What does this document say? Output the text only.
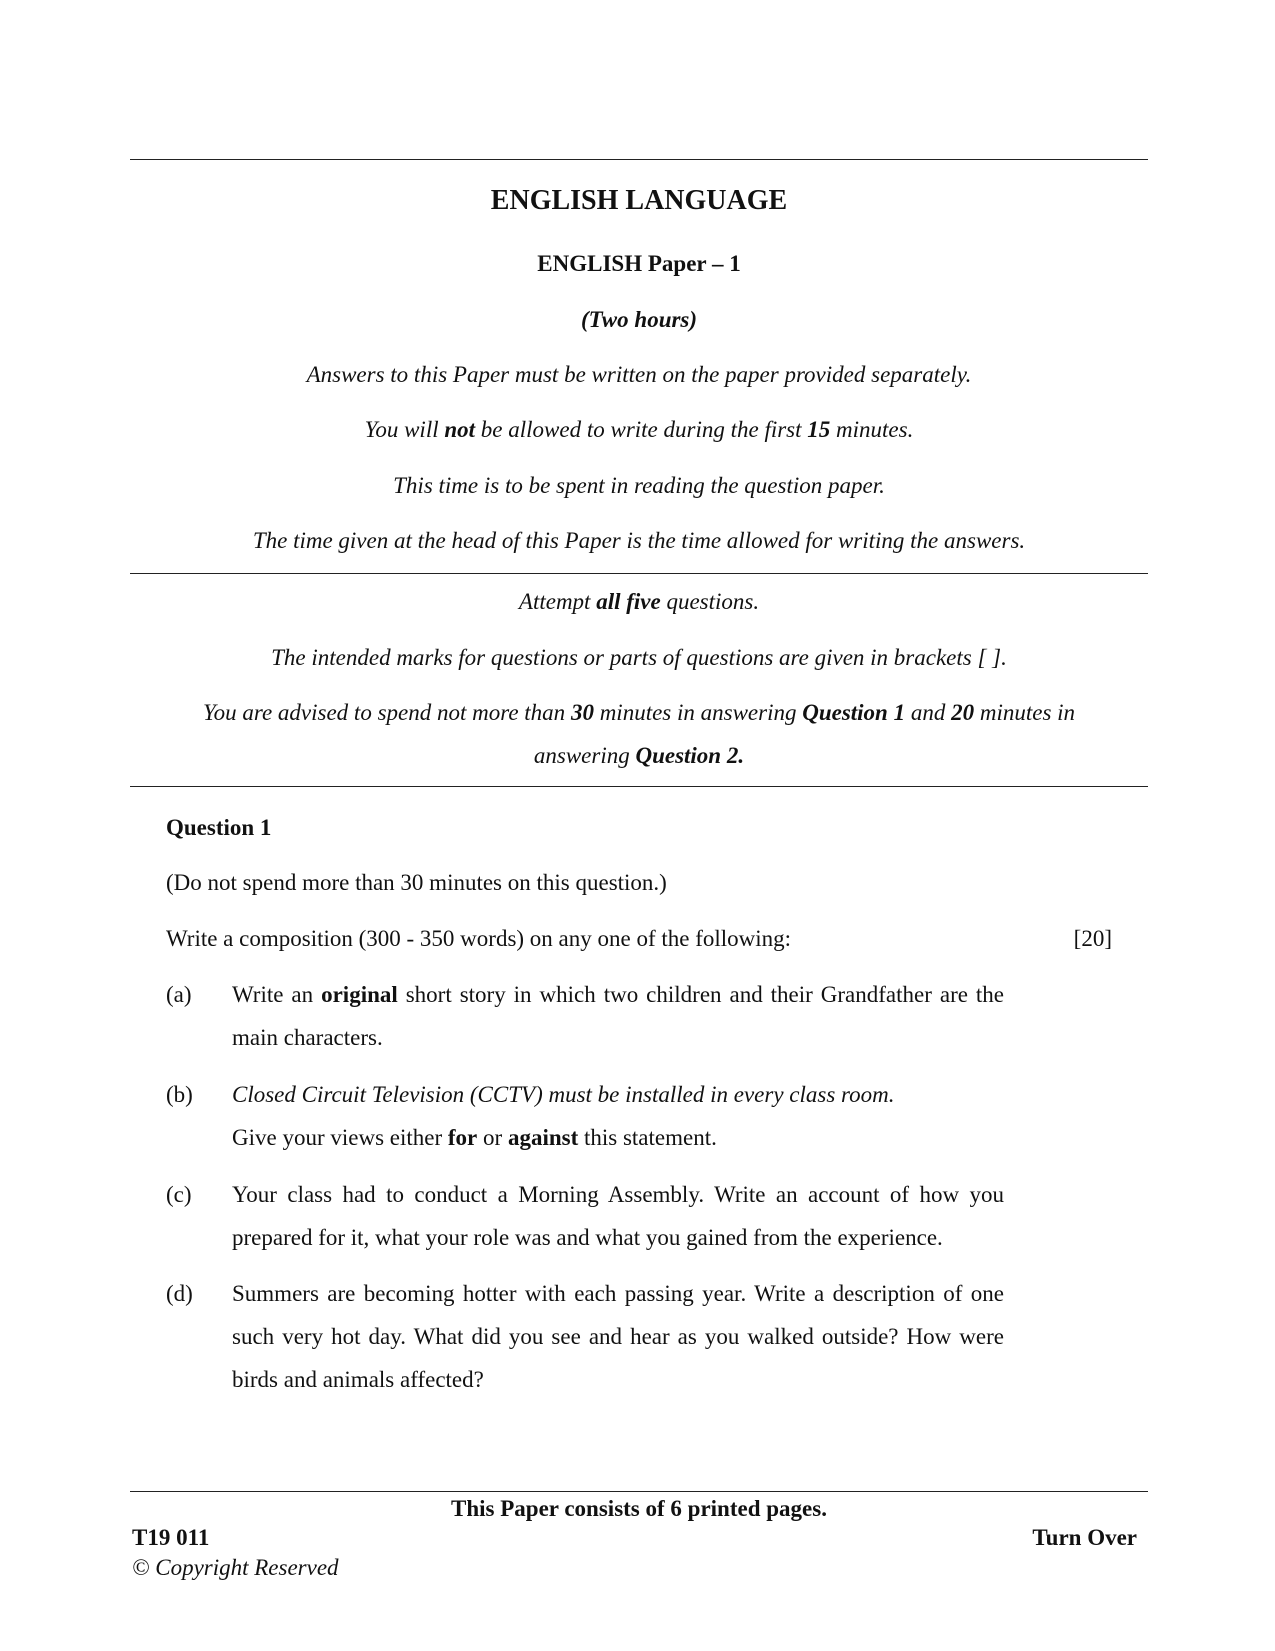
ENGLISH LANGUAGE
ENGLISH Paper – 1
(Two hours)
Answers to this Paper must be written on the paper provided separately.
You will not be allowed to write during the first 15 minutes.
This time is to be spent in reading the question paper.
The time given at the head of this Paper is the time allowed for writing the answers.
Attempt all five questions.
The intended marks for questions or parts of questions are given in brackets [ ].
You are advised to spend not more than 30 minutes in answering Question 1 and 20 minutes in
answering Question 2.
Question 1
(Do not spend more than 30 minutes on this question.)
Write a composition (300 - 350 words) on any one of the following:	[20]
(a)	Write an original short story in which two children and their Grandfather are the main characters.
(b)	Closed Circuit Television (CCTV) must be installed in every class room.
Give your views either for or against this statement.
(c)	Your class had to conduct a Morning Assembly. Write an account of how you prepared for it, what your role was and what you gained from the experience.
(d)	Summers are becoming hotter with each passing year. Write a description of one such very hot day. What did you see and hear as you walked outside? How were birds and animals affected?
This Paper consists of 6 printed pages.
T19 011	Turn Over
© Copyright Reserved
